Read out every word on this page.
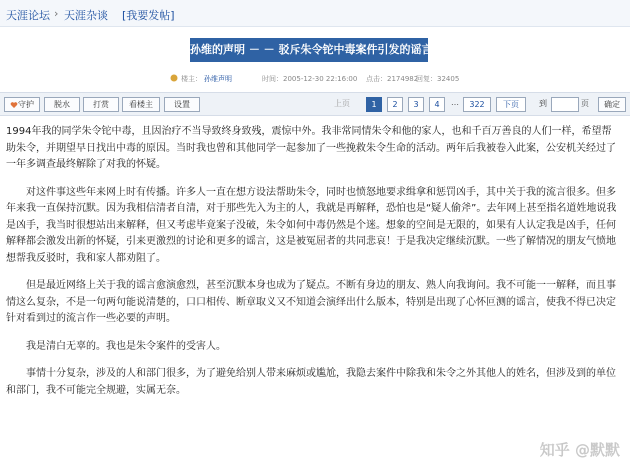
天涯论坛 › 天涯杂谈 [我要发帖]
孙维的声明 － － 驳斥朱令铊中毒案件引发的谣言
楼主： 孙维声明	时间：2005-12-30 22:16:00 点击：2174982
回复：32405
守护	脱水	打赏	看楼主	设置	上页	1	2	3	4	…	322	下页	到	页	确定

1994年我的同学朱令铊中毒，且因治疗不当导致终身致残，震惊中外。我非常同情朱令和他的家人，也和千百万善良的人们一样，希望帮助朱令，并期望早日找出中毒的原因。当时我也曾和其他同学一起参加了一些挽救朱令生命的活动。两年后我被卷入此案，公安机关经过了一年多调查最终解除了对我的怀疑。

对这件事这些年来网上时有传播。许多人一直在想方设法帮助朱令，同时也愤怒地要求缉拿和惩罚凶手，其中关于我的流言很多。但多年来我一直保持沉默。因为我相信清者自清，对于那些先入为主的人，我就是再解释，恐怕也是“疑人偷斧”。去年网上甚至指名道姓地说我是凶手，我当时很想站出来解释，但又考虑毕竟案子没破，朱令如何中毒仍然是个迷。想象的空间是无限的，如果有人认定我是凶手，任何解释都会激发出新的怀疑，引来更激烈的讨论和更多的谣言，这是被冤屈者的共同悲哀！于是我决定继续沉默。一些了解情况的朋友气愤地想帮我反驳时，我和家人都劝阻了。

但是最近网络上关于我的谣言愈演愈烈，甚至沉默本身也成为了疑点。不断有身边的朋友、熟人向我询问。我不可能一一解释，而且事情这么复杂，不是一句两句能说清楚的，口口相传、断章取义又不知道会演绎出什么版本，特别是出现了心怀叵测的谣言，使我不得已决定针对看到过的流言作一些必要的声明。

我是清白无辜的。我也是朱令案件的受害人。

事情十分复杂，涉及的人和部门很多，为了避免给别人带来麻烦或尴尬，我隐去案件中除我和朱令之外其他人的姓名，但涉及到的单位和部门，我不可能完全规避，实属无奈。

知乎 @默默
